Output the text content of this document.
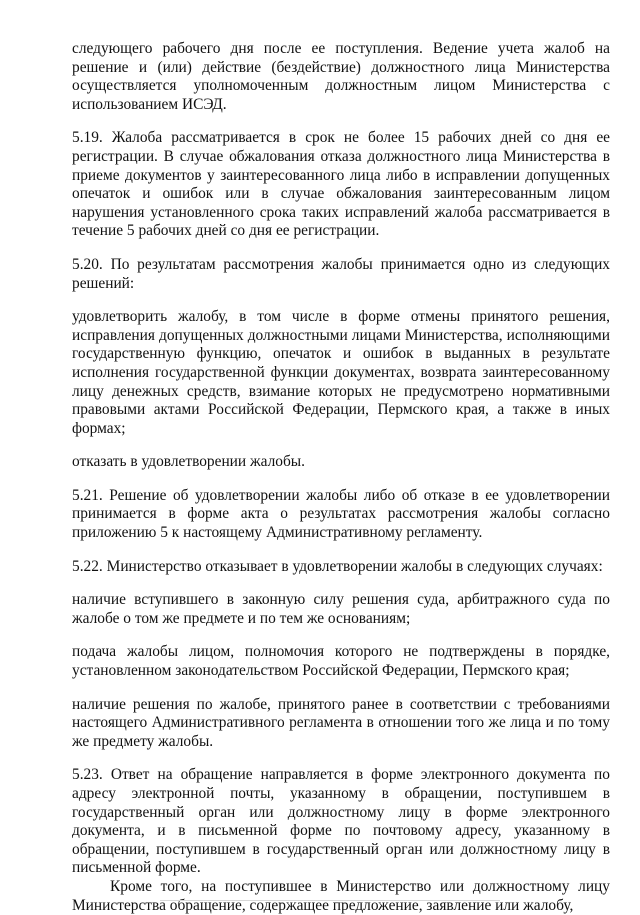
следующего рабочего дня после ее поступления. Ведение учета жалоб на решение и (или) действие (бездействие) должностного лица Министерства осуществляется уполномоченным должностным лицом Министерства с использованием ИСЭД.

5.19. Жалоба рассматривается в срок не более 15 рабочих дней со дня ее регистрации. В случае обжалования отказа должностного лица Министерства в приеме документов у заинтересованного лица либо в исправлении допущенных опечаток и ошибок или в случае обжалования заинтересованным лицом нарушения установленного срока таких исправлений жалоба рассматривается в течение 5 рабочих дней со дня ее регистрации.

5.20. По результатам рассмотрения жалобы принимается одно из следующих решений:

удовлетворить жалобу, в том числе в форме отмены принятого решения, исправления допущенных должностными лицами Министерства, исполняющими государственную функцию, опечаток и ошибок в выданных в результате исполнения государственной функции документах, возврата заинтересованному лицу денежных средств, взимание которых не предусмотрено нормативными правовыми актами Российской Федерации, Пермского края, а также в иных формах;

отказать в удовлетворении жалобы.

5.21. Решение об удовлетворении жалобы либо об отказе в ее удовлетворении принимается в форме акта о результатах рассмотрения жалобы согласно приложению 5 к настоящему Административному регламенту.

5.22. Министерство отказывает в удовлетворении жалобы в следующих случаях:

наличие вступившего в законную силу решения суда, арбитражного суда по жалобе о том же предмете и по тем же основаниям;

подача жалобы лицом, полномочия которого не подтверждены в порядке, установленном законодательством Российской Федерации, Пермского края;

наличие решения по жалобе, принятого ранее в соответствии с требованиями настоящего Административного регламента в отношении того же лица и по тому же предмету жалобы.

5.23. Ответ на обращение направляется в форме электронного документа по адресу электронной почты, указанному в обращении, поступившем в государственный орган или должностному лицу в форме электронного документа, и в письменной форме по почтовому адресу, указанному в обращении, поступившем в государственный орган или должностному лицу в письменной форме.

Кроме того, на поступившее в Министерство или должностному лицу Министерства обращение, содержащее предложение, заявление или жалобу,
